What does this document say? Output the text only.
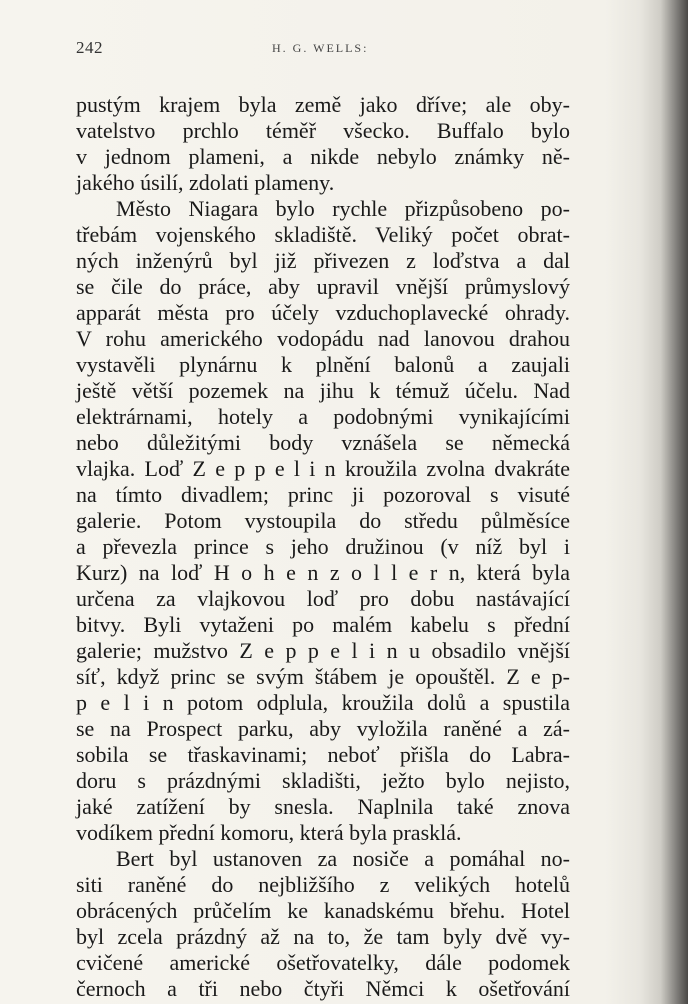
242	H. G. WELLS:
pustým krajem byla země jako dříve; ale oby-
vatelstvo prchlo téměř všecko. Buffalo bylo
v jednom plameni, a nikde nebylo známky ně-
jakého úsilí, zdolati plameny.
Město Niagara bylo rychle přizpůsobeno po-
třebám vojenského skladiště. Veliký počet obrat-
ných inženýrů byl již přivezen z loďstva a dal
se čile do práce, aby upravil vnější průmyslový
apparát města pro účely vzduchoplavecké ohrady.
V rohu amerického vodopádu nad lanovou drahou
vystavěli plynárnu k plnění balonů a zaujali
ještě větší pozemek na jihu k témuž účelu. Nad
elektrárnami, hotely a podobnými vynikajícími
nebo důležitými body vznášela se německá
vlajka. Loď Z e p p e l i n kroužila zvolna dvakráte
na tímto divadlem; princ ji pozoroval s visuté
galerie. Potom vystoupila do středu půlměsíce
a převezla prince s jeho družinou (v níž byl i
Kurz) na loď H o h e n z o l l e r n, která byla
určena za vlajkovou loď pro dobu nastávající
bitvy. Byli vytaženi po malém kabelu s přední
galerie; mužstvo Z e p p e l i n u obsadilo vnější
síť, když princ se svým štábem je opouštěl. Z e p-
p e l i n potom odplula, kroužila dolů a spustila
se na Prospect parku, aby vyložila raněné a zá-
sobila se třaskavinami; neboť přišla do Labra-
doru s prázdnými skladišti, ježto bylo nejisto,
jaké zatížení by snesla. Naplnila také znova
vodíkem přední komoru, která byla prasklá.
Bert byl ustanoven za nosiče a pomáhal no-
siti raněné do nejbližšího z velikých hotelů
obrácených průčelím ke kanadskému břehu. Hotel
byl zcela prázdný až na to, že tam byly dvě vy-
cvičené americké ošetřovatelky, dále podomek
černoch a tři nebo čtyři Němci k ošetřování
